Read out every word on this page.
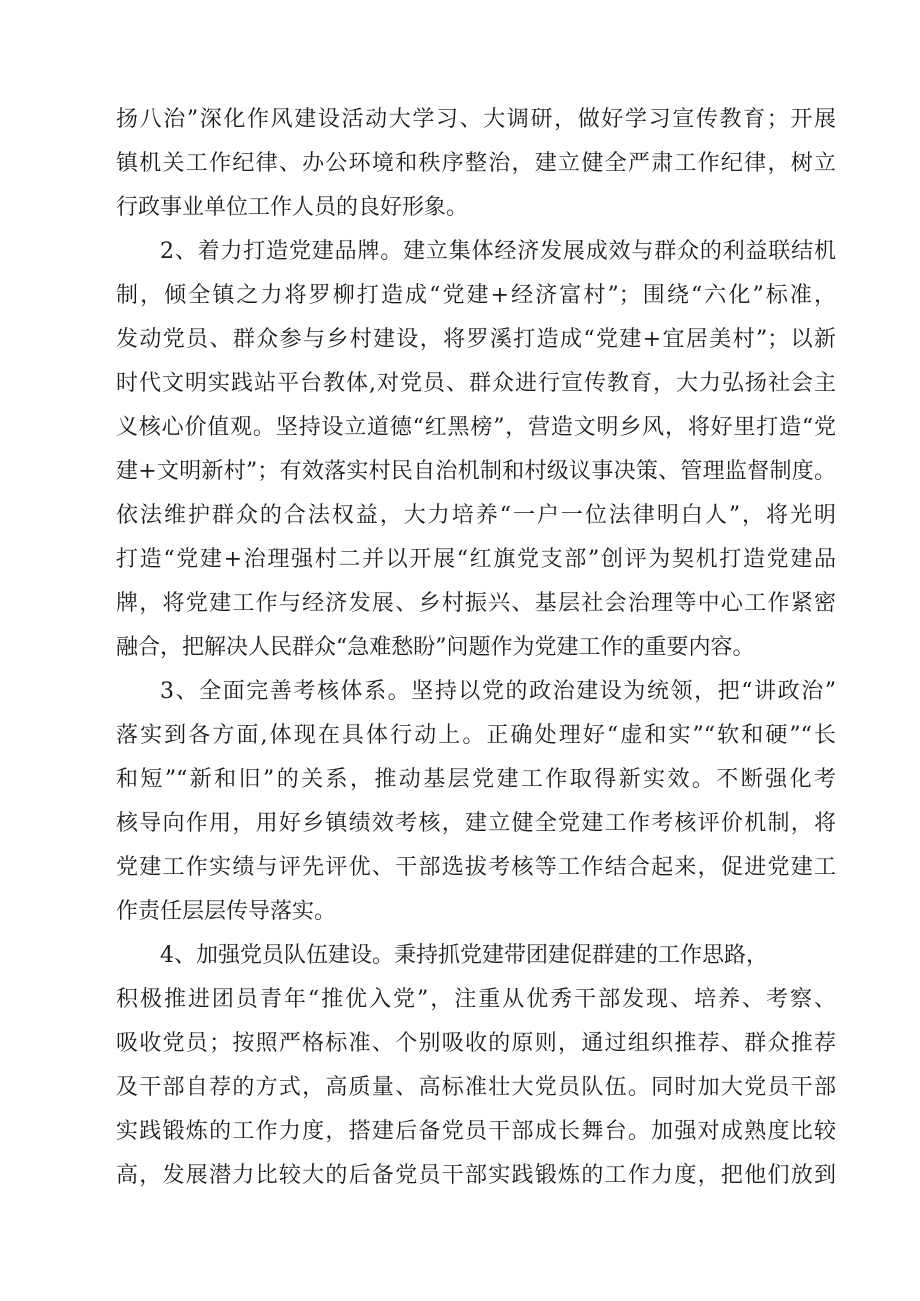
扬八治”深化作风建设活动大学习、大调研，做好学习宣传教育；开展
镇机关工作纪律、办公环境和秩序整治，建立健全严肃工作纪律，树立
行政事业单位工作人员的良好形象。
2、着力打造党建品牌。建立集体经济发展成效与群众的利益联结机
制，倾全镇之力将罗柳打造成“党建+经济富村”；围绕“六化”标准，
发动党员、群众参与乡村建设，将罗溪打造成“党建+宜居美村”；以新
时代文明实践站平台教体,对党员、群众进行宣传教育，大力弘扬社会主
义核心价值观。坚持设立道德“红黑榜”，营造文明乡风，将好里打造“党
建+文明新村”；有效落实村民自治机制和村级议事决策、管理监督制度。
依法维护群众的合法权益，大力培养“一户一位法律明白人”，将光明
打造“党建+治理强村二并以开展“红旗党支部”创评为契机打造党建品
牌，将党建工作与经济发展、乡村振兴、基层社会治理等中心工作紧密
融合，把解决人民群众“急难愁盼”问题作为党建工作的重要内容。
3、全面完善考核体系。坚持以党的政治建设为统领，把“讲政治”
落实到各方面,体现在具体行动上。正确处理好“虚和实”“软和硬”“长
和短”“新和旧”的关系，推动基层党建工作取得新实效。不断强化考
核导向作用，用好乡镇绩效考核，建立健全党建工作考核评价机制，将
党建工作实绩与评先评优、干部选拔考核等工作结合起来，促进党建工
作责任层层传导落实。
4、加强党员队伍建设。秉持抓党建带团建促群建的工作思路，
积极推进团员青年“推优入党”，注重从优秀干部发现、培养、考察、
吸收党员；按照严格标准、个别吸收的原则，通过组织推荐、群众推荐
及干部自荐的方式，高质量、高标准壮大党员队伍。同时加大党员干部
实践锻炼的工作力度，搭建后备党员干部成长舞台。加强对成熟度比较
高，发展潜力比较大的后备党员干部实践锻炼的工作力度，把他们放到
